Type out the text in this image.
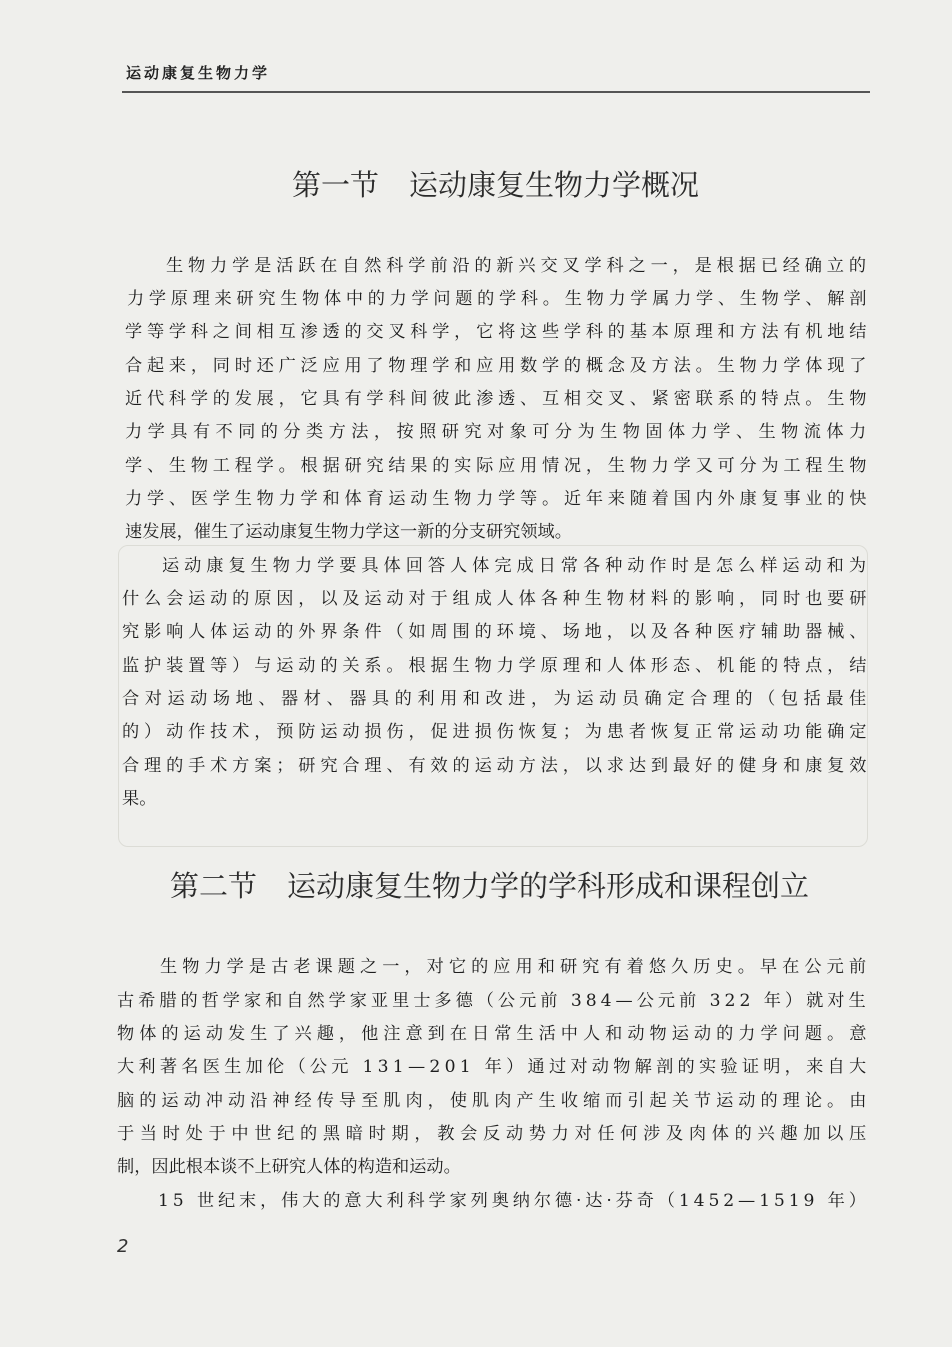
运动康复生物力学
第一节 运动康复生物力学概况

生物力学是活跃在自然科学前沿的新兴交叉学科之一，是根据已经确立的

力学原理来研究生物体中的力学问题的学科。生物力学属力学、生物学、解剖

学等学科之间相互渗透的交叉科学，它将这些学科的基本原理和方法有机地结

合起来，同时还广泛应用了物理学和应用数学的概念及方法。生物力学体现了

近代科学的发展，它具有学科间彼此渗透、互相交叉、紧密联系的特点。生物

力学具有不同的分类方法，按照研究对象可分为生物固体力学、生物流体力

学、生物工程学。根据研究结果的实际应用情况，生物力学又可分为工程生物

力学、医学生物力学和体育运动生物力学等。近年来随着国内外康复事业的快

速发展，催生了运动康复生物力学这一新的分支研究领域。

运动康复生物力学要具体回答人体完成日常各种动作时是怎么样运动和为

什么会运动的原因，以及运动对于组成人体各种生物材料的影响，同时也要研

究影响人体运动的外界条件（如周围的环境、场地，以及各种医疗辅助器械、

监护装置等）与运动的关系。根据生物力学原理和人体形态、机能的特点，结

合对运动场地、器材、器具的利用和改进，为运动员确定合理的（包括最佳

的）动作技术，预防运动损伤，促进损伤恢复；为患者恢复正常运动功能确定

合理的手术方案；研究合理、有效的运动方法，以求达到最好的健身和康复效

果。

第二节 运动康复生物力学的学科形成和课程创立

生物力学是古老课题之一，对它的应用和研究有着悠久历史。早在公元前

古希腊的哲学家和自然学家亚里士多德（公元前 384—公元前 322 年）就对生

物体的运动发生了兴趣，他注意到在日常生活中人和动物运动的力学问题。意

大利著名医生加伦（公元 131—201 年）通过对动物解剖的实验证明，来自大

脑的运动冲动沿神经传导至肌肉，使肌肉产生收缩而引起关节运动的理论。由

于当时处于中世纪的黑暗时期，教会反动势力对任何涉及肉体的兴趣加以压

制，因此根本谈不上研究人体的构造和运动。

15 世纪末，伟大的意大利科学家列奥纳尔德·达·芬奇（1452—1519 年）

2
